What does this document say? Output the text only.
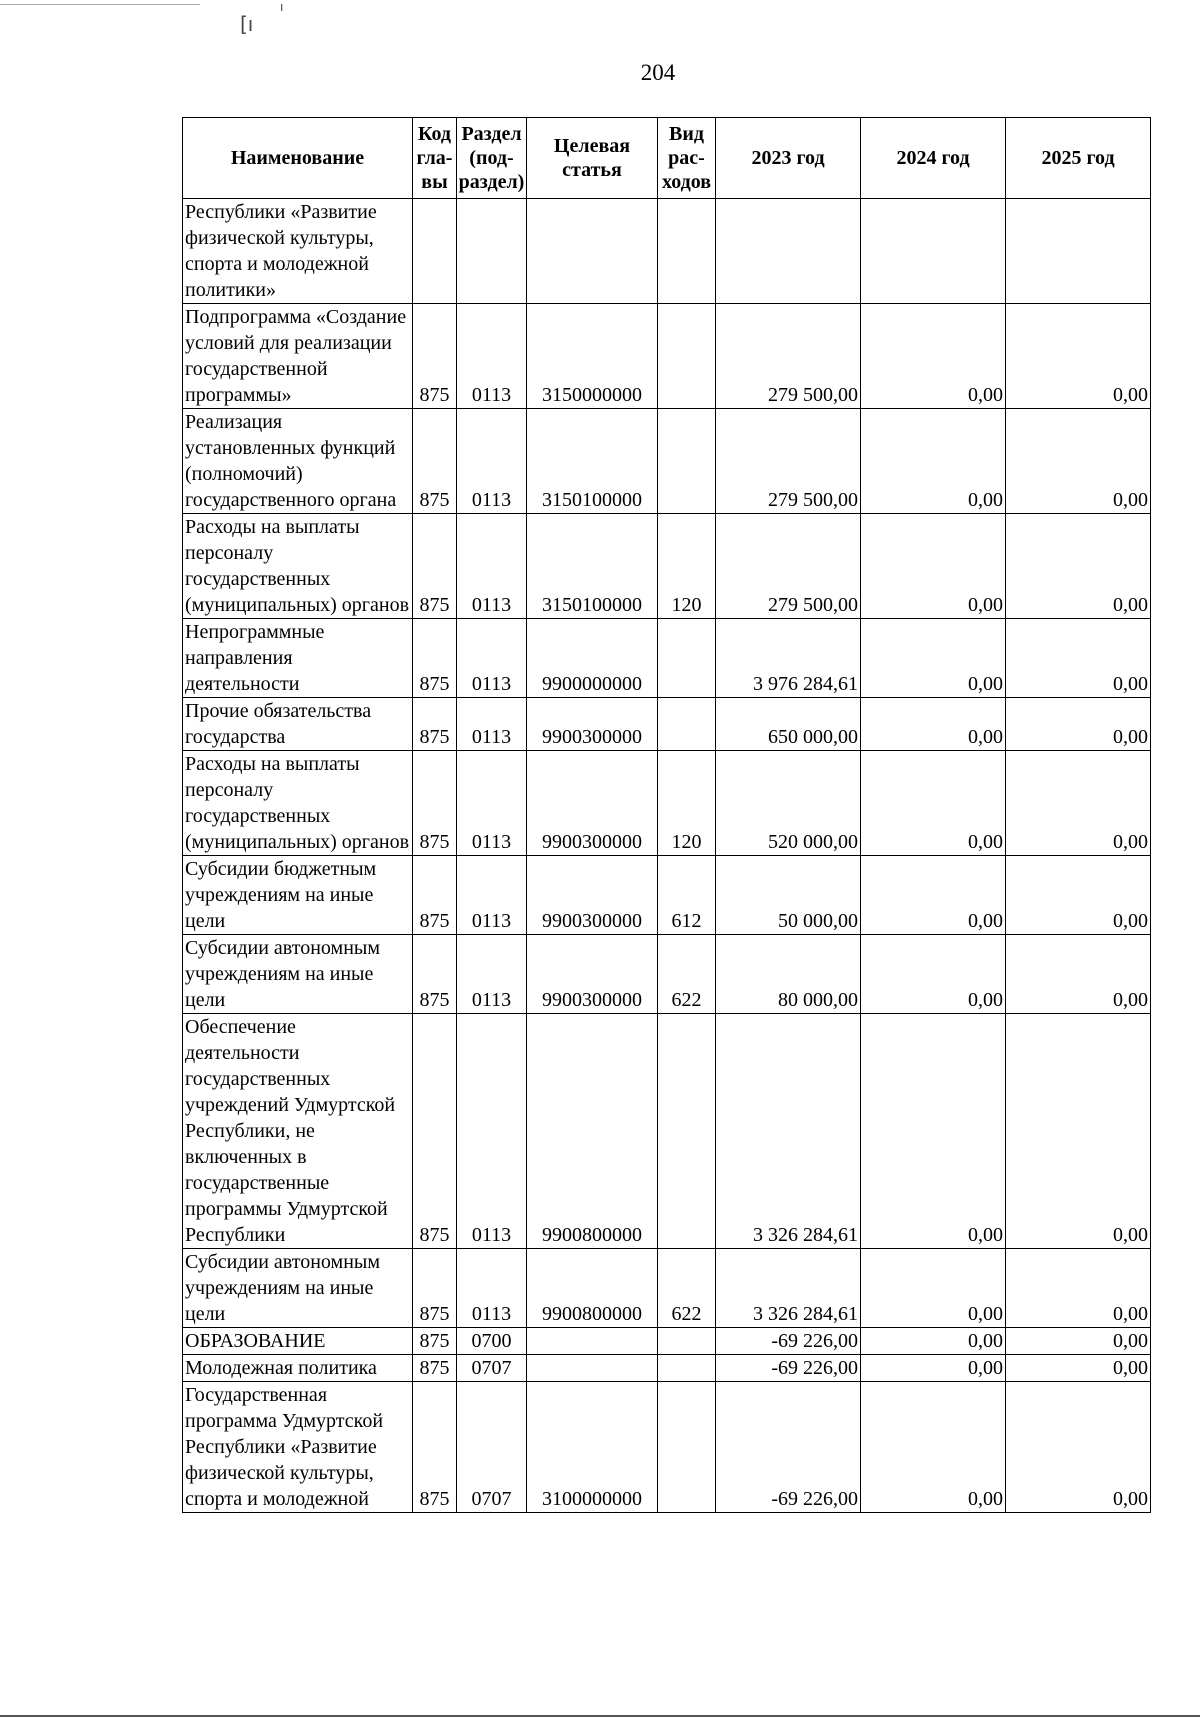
[ı
ı
204
Наименование	Код гла- вы	Раздел (под- раздел)	Целевая статья	Вид рас- ходов	2023 год	2024 год	2025 год
Республики «Развитие физической культуры, спорта и молодежной политики»							
Подпрограмма «Создание условий для реализации государственной программы»	875	0113	3150000000		279 500,00	0,00	0,00
Реализация установленных функций (полномочий) государственного органа	875	0113	3150100000		279 500,00	0,00	0,00
Расходы на выплаты персоналу государственных (муниципальных) органов	875	0113	3150100000	120	279 500,00	0,00	0,00
Непрограммные направления деятельности	875	0113	9900000000		3 976 284,61	0,00	0,00
Прочие обязательства государства	875	0113	9900300000		650 000,00	0,00	0,00
Расходы на выплаты персоналу государственных (муниципальных) органов	875	0113	9900300000	120	520 000,00	0,00	0,00
Субсидии бюджетным учреждениям на иные цели	875	0113	9900300000	612	50 000,00	0,00	0,00
Субсидии автономным учреждениям на иные цели	875	0113	9900300000	622	80 000,00	0,00	0,00
Обеспечение деятельности государственных учреждений Удмуртской Республики, не включенных в государственные программы Удмуртской Республики	875	0113	9900800000		3 326 284,61	0,00	0,00
Субсидии автономным учреждениям на иные цели	875	0113	9900800000	622	3 326 284,61	0,00	0,00
ОБРАЗОВАНИЕ	875	0700			-69 226,00	0,00	0,00
Молодежная политика	875	0707			-69 226,00	0,00	0,00
Государственная программа Удмуртской Республики «Развитие физической культуры, спорта и молодежной	875	0707	3100000000		-69 226,00	0,00	0,00
